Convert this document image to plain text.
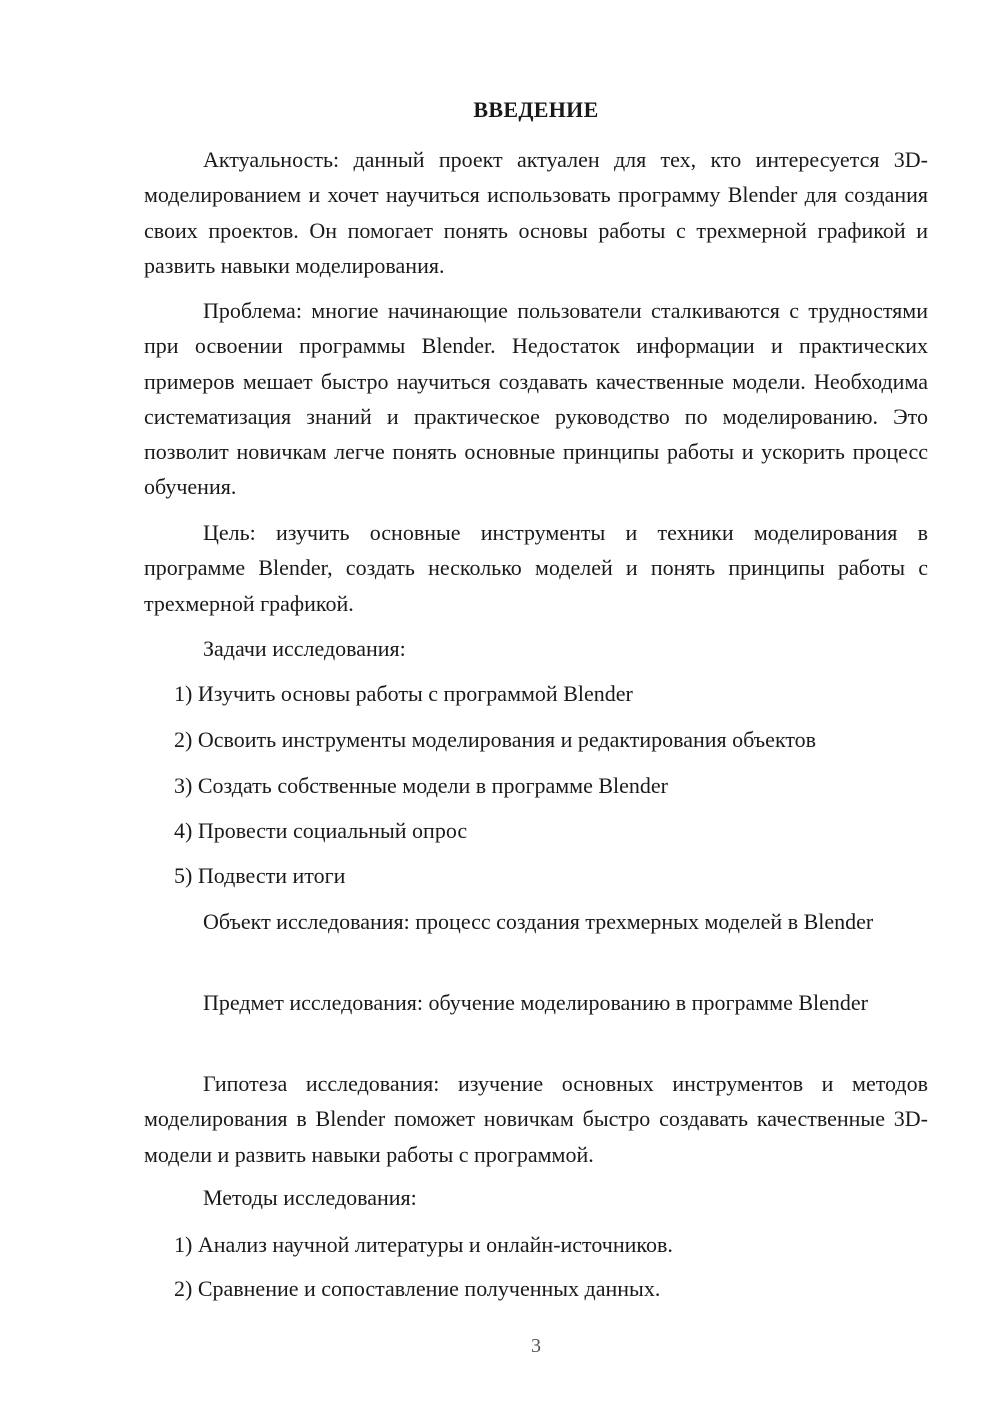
ВВЕДЕНИЕ

Актуальность: данный проект актуален для тех, кто интересуется 3D-моделированием и хочет научиться использовать программу Blender для создания своих проектов. Он помогает понять основы работы с трехмерной графикой и развить навыки моделирования.

Проблема: многие начинающие пользователи сталкиваются с трудностями при освоении программы Blender. Недостаток информации и практических примеров мешает быстро научиться создавать качественные модели. Необходима систематизация знаний и практическое руководство по моделированию. Это позволит новичкам легче понять основные принципы работы и ускорить процесс обучения.

Цель: изучить основные инструменты и техники моделирования в программе Blender, создать несколько моделей и понять принципы работы с трехмерной графикой.

Задачи исследования:

1) Изучить основы работы с программой Blender

2) Освоить инструменты моделирования и редактирования объектов

3) Создать собственные модели в программе Blender

4) Провести социальный опрос

5) Подвести итоги

Объект исследования: процесс создания трехмерных моделей в Blender

Предмет исследования: обучение моделированию в программе Blender

Гипотеза исследования: изучение основных инструментов и методов моделирования в Blender поможет новичкам быстро создавать качественные 3D-модели и развить навыки работы с программой.

Методы исследования:

1) Анализ научной литературы и онлайн-источников.

2) Сравнение и сопоставление полученных данных.

3
